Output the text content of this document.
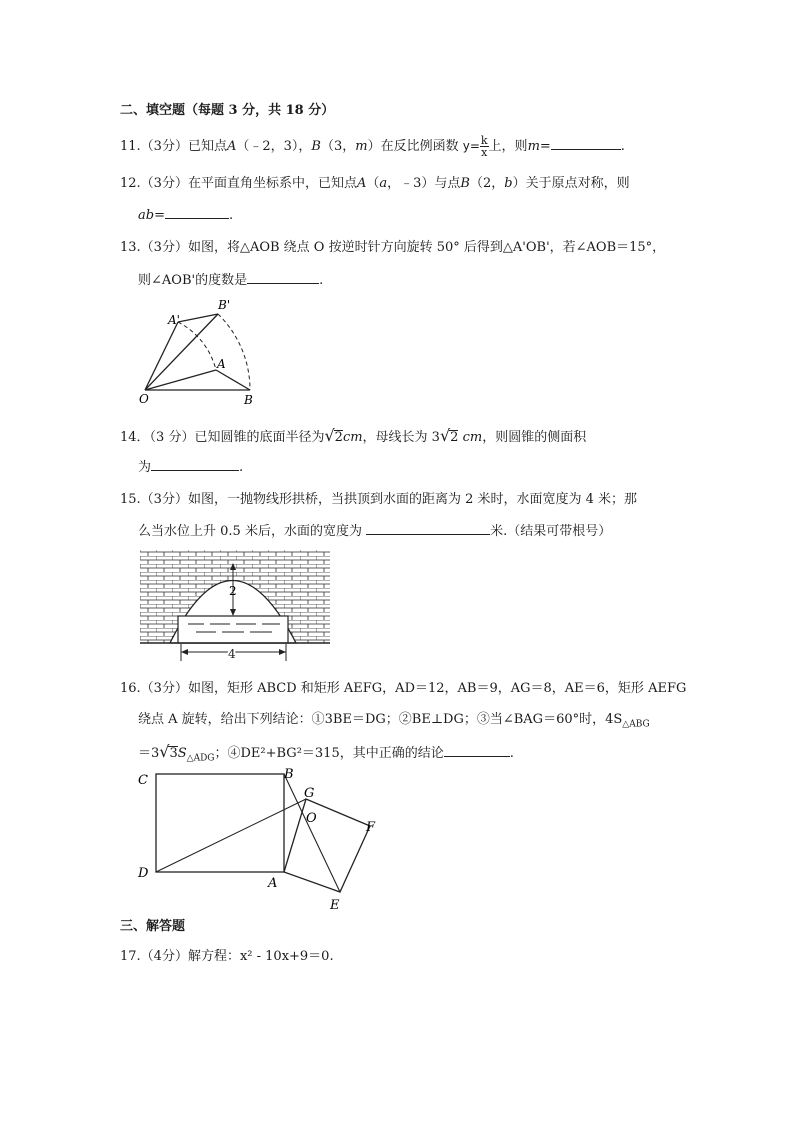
二、填空题（每题 3 分，共 18 分）
11.（3分）已知点A（﹣2，3），B（3，m）在反比例函数 $y= \frac{k}{x}$ 上，则m=	.
12.（3分）在平面直角坐标系中，已知点A（a，﹣3）与点B（2，b）关于原点对称，则
ab=	.
13.（3分）如图，将△AOB 绕点 O 按逆时针方向旋转 50° 后得到△A'OB'，若∠AOB＝15°，
则∠AOB'的度数是	.
A'
B'
A
O	B
14．（3 分）已知圆锥的底面半径为√2cm，母线长为 3√2 cm，则圆锥的侧面积
为	.
15.（3分）如图，一抛物线形拱桥，当拱顶到水面的距离为 2 米时，水面宽度为 4 米；那
么当水位上升 0.5 米后，水面的宽度为	米.（结果可带根号）
2
4
16.（3分）如图，矩形 ABCD 和矩形 AEFG，AD＝12，AB＝9，AG＝8，AE＝6，矩形 AEFG
绕点 A 旋转，给出下列结论：①3BE＝DG；②BE⊥DG；③当∠BAG＝60°时，$4S_{\triangle ABG}$
$=3√3S_{\triangle ADG}$；④DE²+BG²＝315，其中正确的结论	.
C	B
G
O
F
D
A
E
三、解答题
17.（4分）解方程：x² - 10x+9＝0.
